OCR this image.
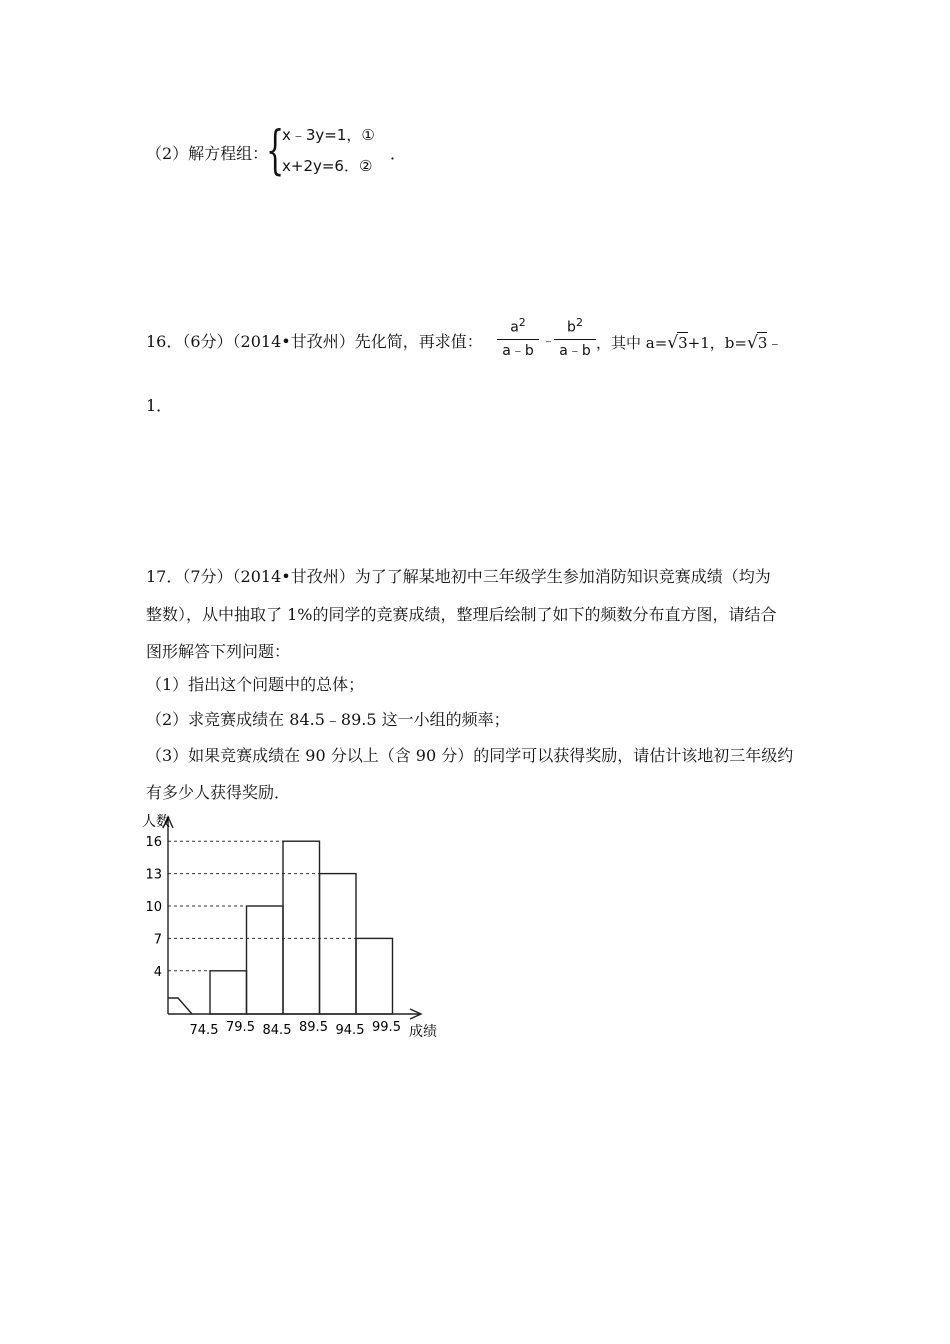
（2）解方程组：
{
x﹣3y=1，①
x+2y=6．②
．
16．（6分）（2014•甘孜州）先化简，再求值：
$a^2$
a﹣b
﹣
$b^2$
a﹣b ，其中 a=√3+1，b=√3﹣
1．
17．（7分）（2014•甘孜州）为了了解某地初中三年级学生参加消防知识竞赛成绩（均为
整数），从中抽取了 1%的同学的竞赛成绩，整理后绘制了如下的频数分布直方图，请结合
图形解答下列问题：
（1）指出这个问题中的总体；
（2）求竞赛成绩在 84.5﹣89.5 这一小组的频率；
（3）如果竞赛成绩在 90 分以上（含 90 分）的同学可以获得奖励，请估计该地初三年级约
有多少人获得奖励．
人数
成绩
4
7
10
13
16
74.5 79.5 84.5 89.5 94.5 99.5
